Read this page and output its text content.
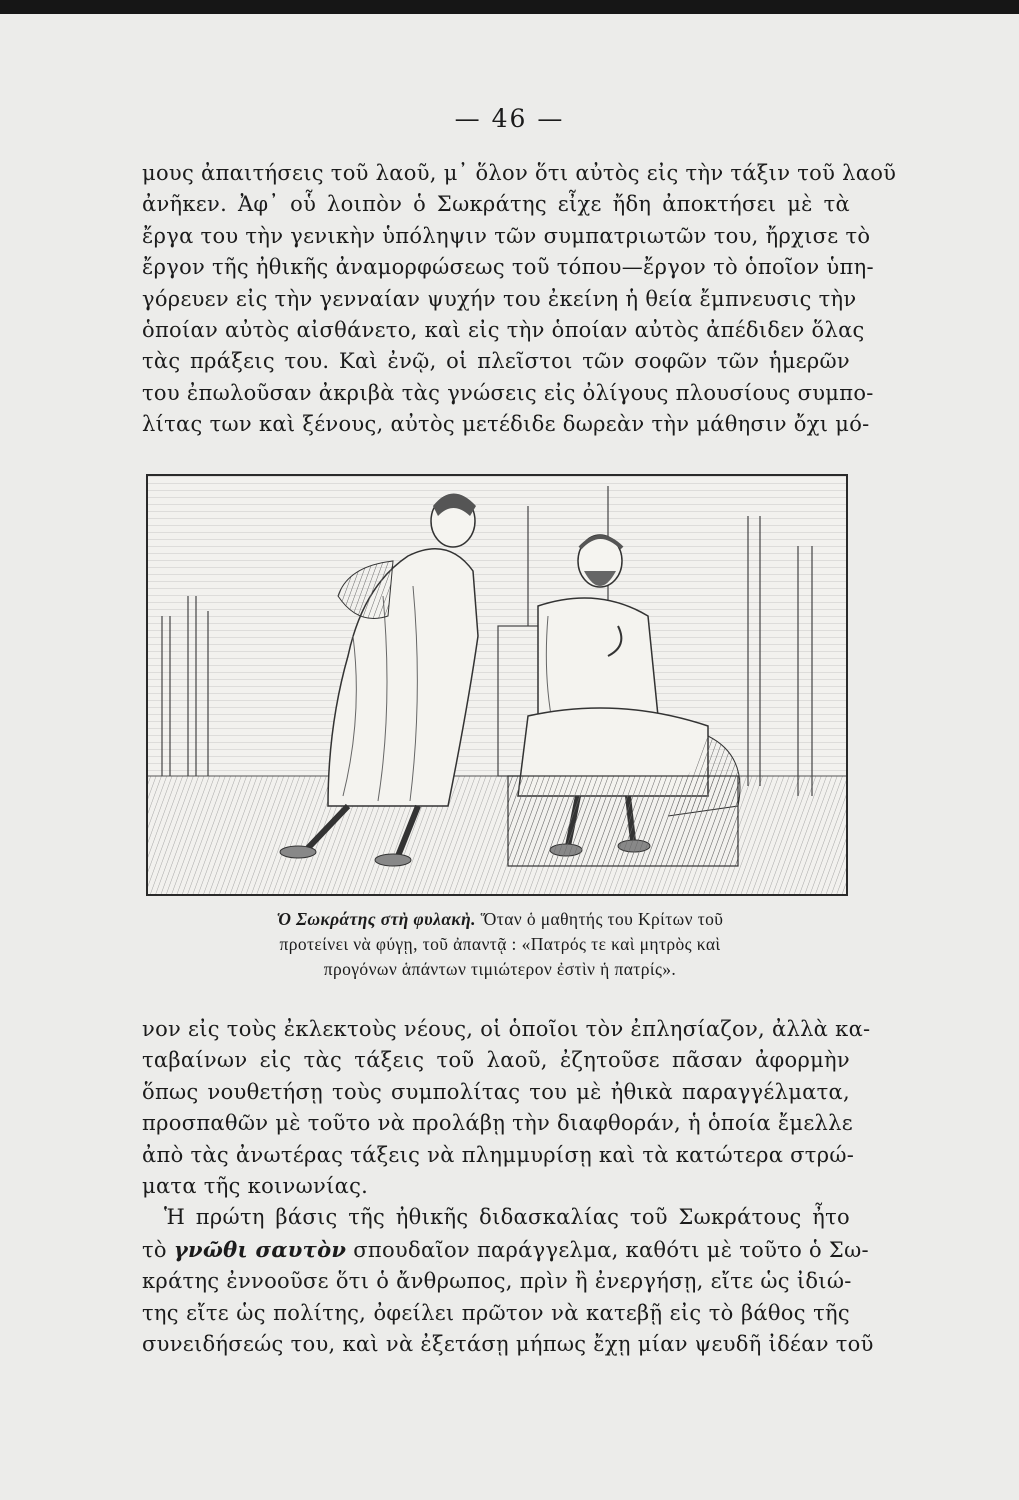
— 46 —
μους ἀπαιτήσεις τοῦ λαοῦ, μ᾽ ὅλον ὅτι αὐτὸς εἰς τὴν τάξιν τοῦ λαοῦ
ἀνῆκεν. Ἀφ᾽ οὗ λοιπὸν ὁ Σωκράτης εἶχε ἤδη ἀποκτήσει μὲ τὰ
ἔργα του τὴν γενικὴν ὑπόληψιν τῶν συμπατριωτῶν του, ἤρχισε τὸ
ἔργον τῆς ἠθικῆς ἀναμορφώσεως τοῦ τόπου—ἔργον τὸ ὁποῖον ὑπη-
γόρευεν εἰς τὴν γενναίαν ψυχήν του ἐκείνη ἡ θεία ἔμπνευσις τὴν
ὁποίαν αὐτὸς αἰσθάνετο, καὶ εἰς τὴν ὁποίαν αὐτὸς ἀπέδιδεν ὅλας
τὰς πράξεις του. Καὶ ἐνῷ, οἱ πλεῖστοι τῶν σοφῶν τῶν ἡμερῶν
του ἐπωλοῦσαν ἀκριβὰ τὰς γνώσεις εἰς ὀλίγους πλουσίους συμπο-
λίτας των καὶ ξένους, αὐτὸς μετέδιδε δωρεὰν τὴν μάθησιν ὄχι μό-
Ὁ Σωκράτης στὴ φυλακὴ. Ὅταν ὁ μαθητής του Κρίτων τοῦ
προτείνει νὰ φύγῃ, τοῦ ἀπαντᾷ : «Πατρός τε καὶ μητρὸς καὶ
προγόνων ἁπάντων τιμιώτερον ἐστὶν ἡ πατρίς».
νον εἰς τοὺς ἐκλεκτοὺς νέους, οἱ ὁποῖοι τὸν ἐπλησίαζον, ἀλλὰ κα-
ταβαίνων εἰς τὰς τάξεις τοῦ λαοῦ, ἐζητοῦσε πᾶσαν ἀφορμὴν
ὅπως νουθετήσῃ τοὺς συμπολίτας του μὲ ἠθικὰ παραγγέλματα,
προσπαθῶν μὲ τοῦτο νὰ προλάβῃ τὴν διαφθοράν, ἡ ὁποία ἔμελλε
ἀπὸ τὰς ἀνωτέρας τάξεις νὰ πλημμυρίσῃ καὶ τὰ κατώτερα στρώ-
ματα τῆς κοινωνίας.
Ἡ πρώτη βάσις τῆς ἠθικῆς διδασκαλίας τοῦ Σωκράτους ἦτο
τὸ γνῶθι σαυτὸν σπουδαῖον παράγγελμα, καθότι μὲ τοῦτο ὁ Σω-
κράτης ἐννοοῦσε ὅτι ὁ ἄνθρωπος, πρὶν ἢ ἐνεργήσῃ, εἴτε ὡς ἰδιώ-
της εἴτε ὡς πολίτης, ὀφείλει πρῶτον νὰ κατεβῇ εἰς τὸ βάθος τῆς
συνειδήσεώς του, καὶ νὰ ἐξετάσῃ μήπως ἔχῃ μίαν ψευδῆ ἰδέαν τοῦ
